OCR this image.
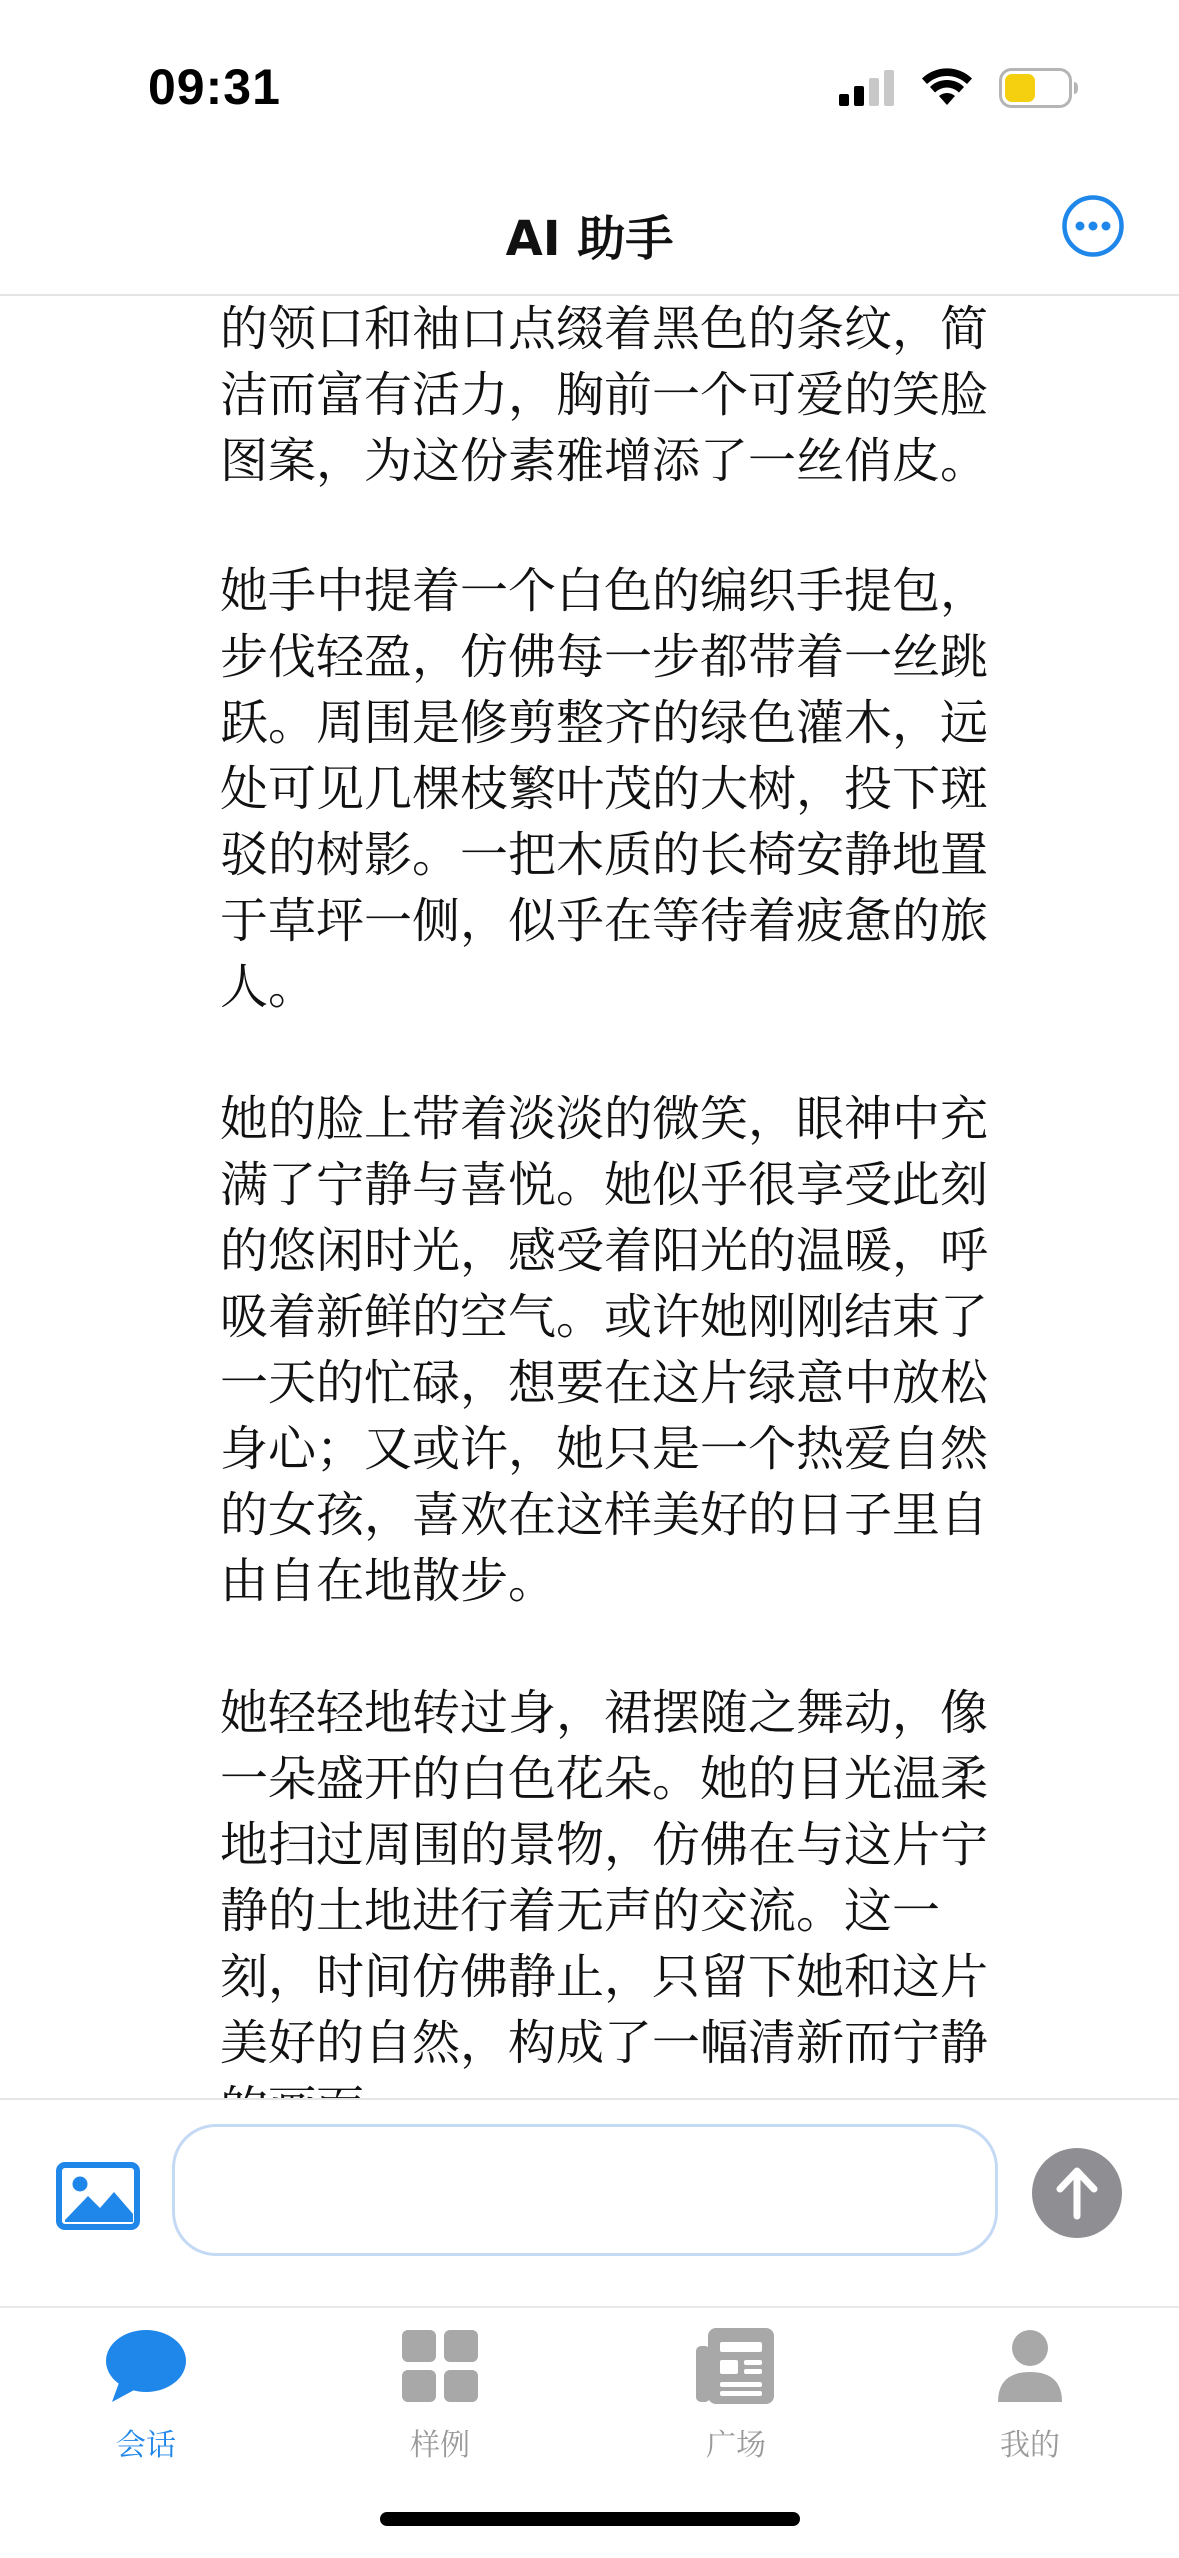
09:31
AI 助手

的领口和袖口点缀着黑色的条纹，简洁而富有活力，胸前一个可爱的笑脸图案，为这份素雅增添了一丝俏皮。

她手中提着一个白色的编织手提包，步伐轻盈，仿佛每一步都带着一丝跳跃。周围是修剪整齐的绿色灌木，远处可见几棵枝繁叶茂的大树，投下斑驳的树影。一把木质的长椅安静地置于草坪一侧，似乎在等待着疲惫的旅人。

她的脸上带着淡淡的微笑，眼神中充满了宁静与喜悦。她似乎很享受此刻的悠闲时光，感受着阳光的温暖，呼吸着新鲜的空气。或许她刚刚结束了一天的忙碌，想要在这片绿意中放松身心；又或许，她只是一个热爱自然的女孩，喜欢在这样美好的日子里自由自在地散步。

她轻轻地转过身，裙摆随之舞动，像一朵盛开的白色花朵。她的目光温柔地扫过周围的景物，仿佛在与这片宁静的土地进行着无声的交流。这一刻，时间仿佛静止，只留下她和这片美好的自然，构成了一幅清新而宁静

会话	样例	广场	我的
